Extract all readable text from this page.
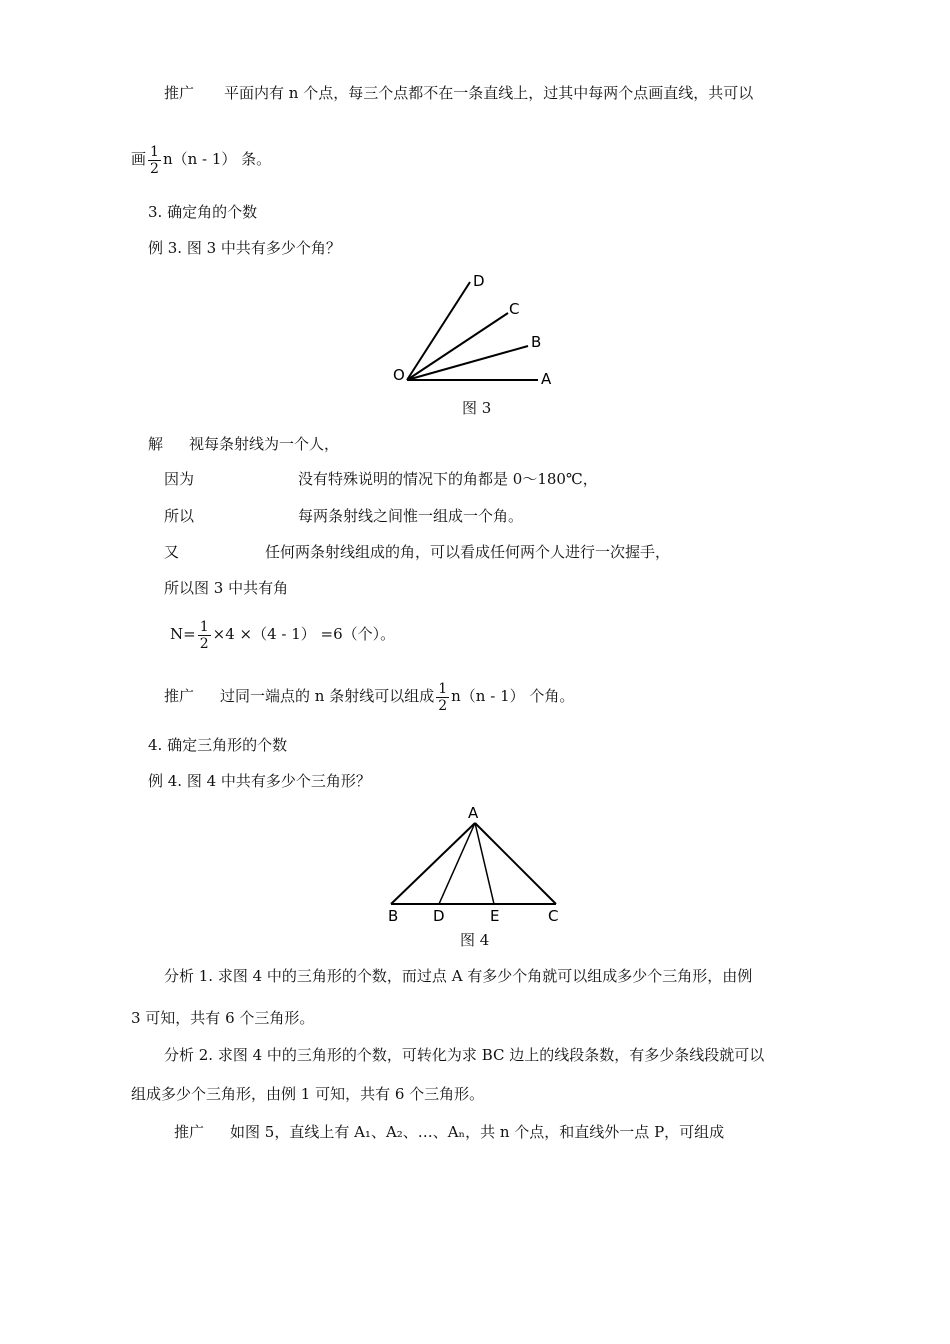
推广 平面内有 n 个点，每三个点都不在一条直线上，过其中每两个点画直线，共可以
画 $\frac{1}{2} n(n - 1)$ 条。
3. 确定角的个数
例 3. 图 3 中共有多少个角？
O	A
B
C
D
图 3
解 视每条射线为一个人，
因为	没有特殊说明的情况下的角都是 0～180℃，
所以	每两条射线之间惟一组成一个角。
又	任何两条射线组成的角，可以看成任何两个人进行一次握手，
所以图 3 中共有角
$N= \frac{1}{2} \times 4 \times(4 - 1) =6$（个）。
推广 过同一端点的 n 条射线可以组成 $\frac{1}{2} n(n - 1)$ 个角。
4. 确定三角形的个数
例 4. 图 4 中共有多少个三角形？
A
B D	E	C
图 4
分析 1. 求图 4 中的三角形的个数，而过点 A 有多少个角就可以组成多少个三角形，由例
3 可知，共有 6 个三角形。
分析 2. 求图 4 中的三角形的个数，可转化为求 BC 边上的线段条数，有多少条线段就可以
组成多少个三角形，由例 1 可知，共有 6 个三角形。
推广 如图 5，直线上有 A₁、A₂、…、Aₙ，共 n 个点，和直线外一点 P，可组成
